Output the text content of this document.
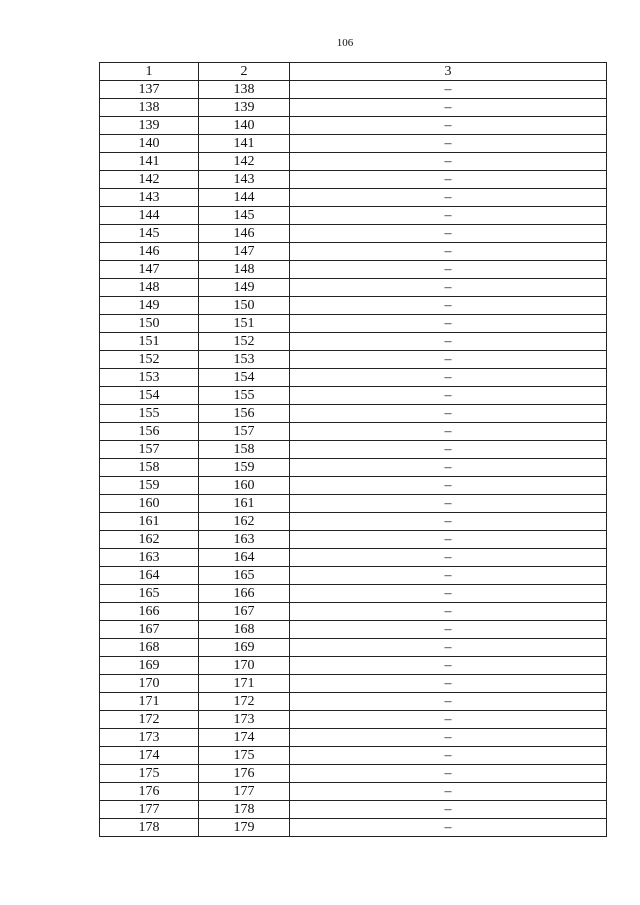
106
1	2	3
137	138	–
138	139	–
139	140	–
140	141	–
141	142	–
142	143	–
143	144	–
144	145	–
145	146	–
146	147	–
147	148	–
148	149	–
149	150	–
150	151	–
151	152	–
152	153	–
153	154	–
154	155	–
155	156	–
156	157	–
157	158	–
158	159	–
159	160	–
160	161	–
161	162	–
162	163	–
163	164	–
164	165	–
165	166	–
166	167	–
167	168	–
168	169	–
169	170	–
170	171	–
171	172	–
172	173	–
173	174	–
174	175	–
175	176	–
176	177	–
177	178	–
178	179	–
